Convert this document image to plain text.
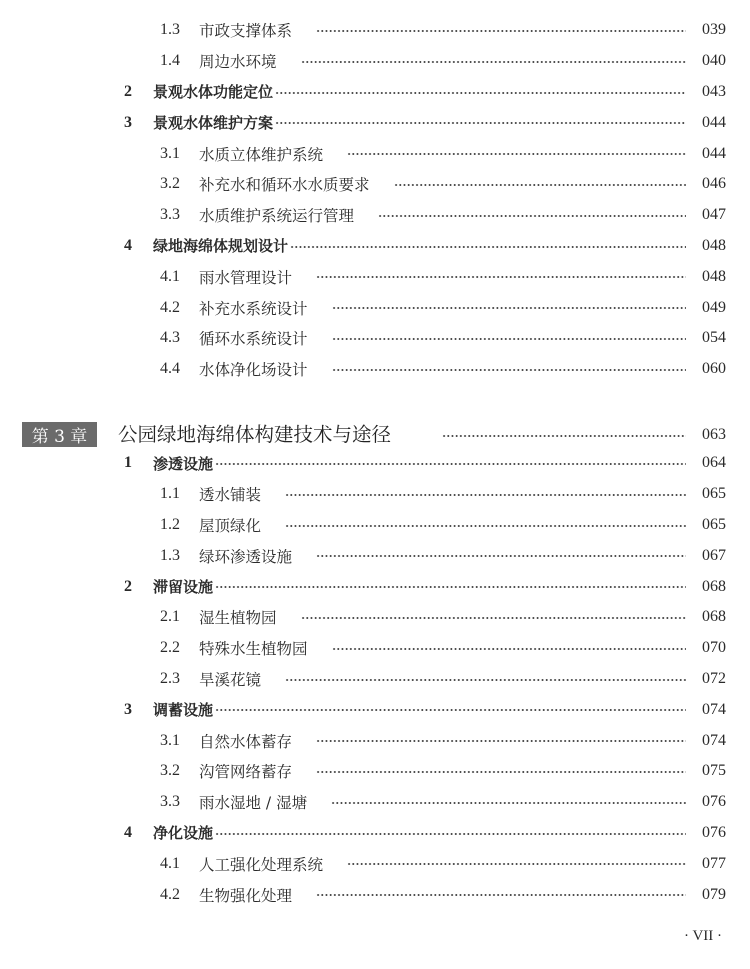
1.3 市政支撑体系	039
1.4 周边水环境	040
2 景观水体功能定位	043
3 景观水体维护方案	044
3.1 水质立体维护系统	044
3.2 补充水和循环水水质要求	046
3.3 水质维护系统运行管理	047
4 绿地海绵体规划设计	048
4.1 雨水管理设计	048
4.2 补充水系统设计	049
4.3 循环水系统设计	054
4.4 水体净化场设计	060
第 3 章	公园绿地海绵体构建技术与途径	063
1 渗透设施	064
1.1 透水铺装	065
1.2 屋顶绿化	065
1.3 绿环渗透设施	067
2 滞留设施	068
2.1 湿生植物园	068
2.2 特殊水生植物园	070
2.3 旱溪花镜	072
3 调蓄设施	074
3.1 自然水体蓄存	074
3.2 沟管网络蓄存	075
3.3 雨水湿地 / 湿塘	076
4 净化设施	076
4.1 人工强化处理系统	077
4.2 生物强化处理	079
· VII ·
